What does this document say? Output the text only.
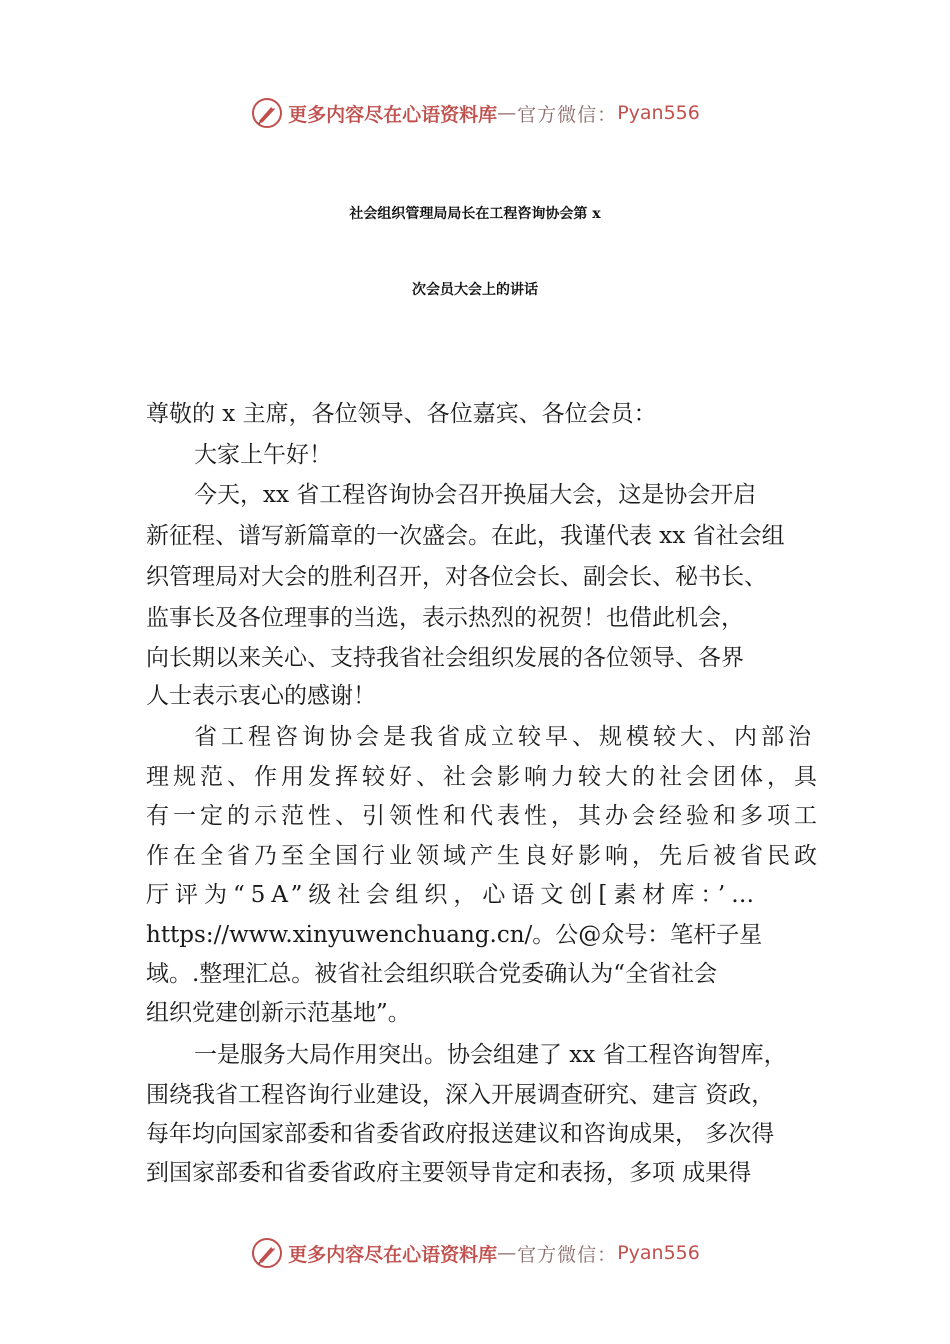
更多内容尽在心语资料库 — 官方微信： Pyan556
社会组织管理局局长在工程咨询协会第 x
次会员大会上的讲话
尊敬的 x 主席，各位领导、各位嘉宾、各位会员：
大家上午好！
今天，xx 省工程咨询协会召开换届大会，这是协会开启
新征程、谱写新篇章的一次盛会。在此，我谨代表 xx 省社会组
织管理局对大会的胜利召开，对各位会长、副会长、秘书长、
监事长及各位理事的当选，表示热烈的祝贺！也借此机会，
向长期以来关心、支持我省社会组织发展的各位领导、各界
人士表示衷心的感谢！
省工程咨询协会是我省成立较早、规模较大、内部治
理规范、作用发挥较好、社会影响力较大的社会团体，具
有一定的示范性、引领性和代表性，其办会经验和多项工
作在全省乃至全国行业领域产生良好影响，先后被省民政
厅评为“5A”级社会组织，心语文创[素材库：’…
https://www.xinyuwenchuang.cn/。公@众号：笔杆子星
域。.整理汇总。被省社会组织联合党委确认为“全省社会
组织党建创新示范基地”。
一是服务大局作用突出。协会组建了 xx 省工程咨询智库，
围绕我省工程咨询行业建设，深入开展调查研究、建言 资政，
每年均向国家部委和省委省政府报送建议和咨询成果， 多次得
到国家部委和省委省政府主要领导肯定和表扬，多项 成果得
更多内容尽在心语资料库 — 官方微信： Pyan556
